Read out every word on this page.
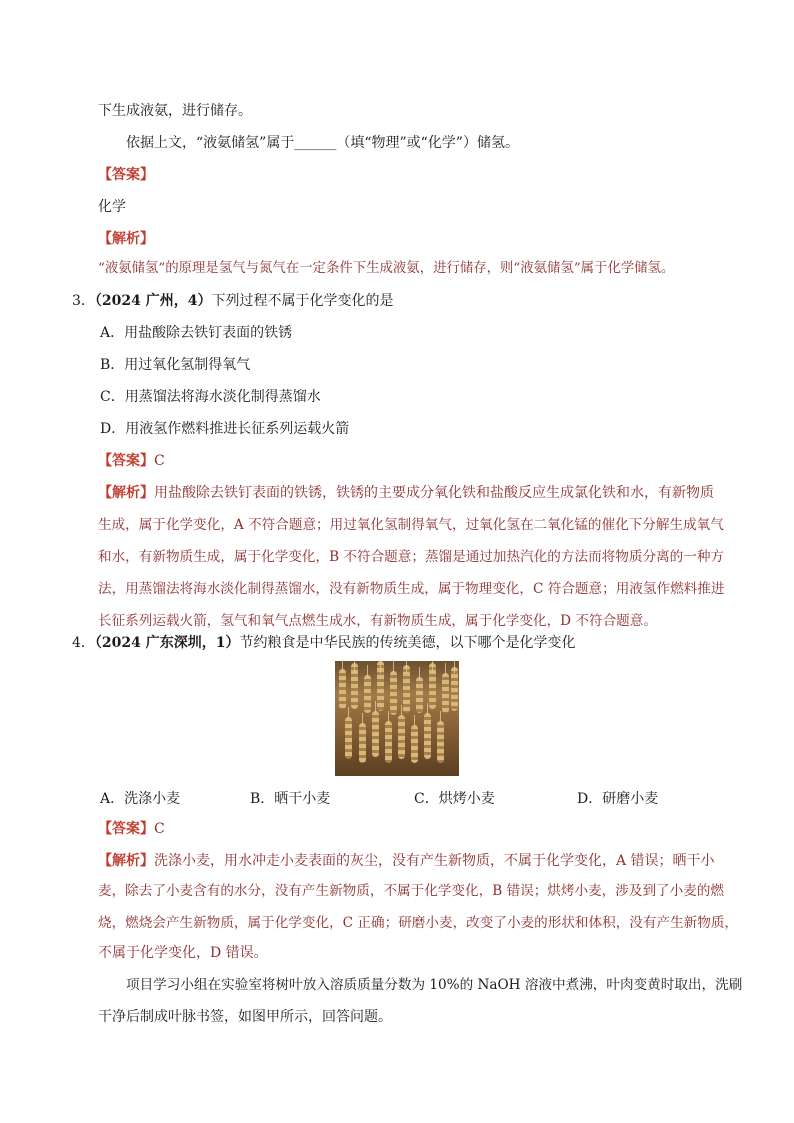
下生成液氨，进行储存。
依据上文，“液氨储氢”属于______（填“物理”或“化学”）储氢。
【答案】
化学
【解析】
“液氨储氢”的原理是氢气与氮气在一定条件下生成液氨，进行储存，则“液氨储氢”属于化学储氢。
3．（2024 广州，4）下列过程不属于化学变化的是
A．用盐酸除去铁钉表面的铁锈
B．用过氧化氢制得氧气
C．用蒸馏法将海水淡化制得蒸馏水
D．用液氢作燃料推进长征系列运载火箭
【答案】C
【解析】用盐酸除去铁钉表面的铁锈，铁锈的主要成分氧化铁和盐酸反应生成氯化铁和水，有新物质
生成，属于化学变化，A 不符合题意；用过氧化氢制得氧气，过氧化氢在二氧化锰的催化下分解生成氧气
和水，有新物质生成，属于化学变化，B 不符合题意；蒸馏是通过加热汽化的方法而将物质分离的一种方
法，用蒸馏法将海水淡化制得蒸馏水，没有新物质生成，属于物理变化，C 符合题意；用液氢作燃料推进
长征系列运载火箭，氢气和氧气点燃生成水，有新物质生成，属于化学变化，D 不符合题意。
4．（2024 广东深圳，1）节约粮食是中华民族的传统美德，以下哪个是化学变化
A．洗涤小麦	B．晒干小麦	C．烘烤小麦	D．研磨小麦
【答案】C
【解析】洗涤小麦，用水冲走小麦表面的灰尘，没有产生新物质，不属于化学变化，A 错误；晒干小
麦，除去了小麦含有的水分，没有产生新物质，不属于化学变化，B 错误；烘烤小麦，涉及到了小麦的燃
烧，燃烧会产生新物质，属于化学变化，C 正确；研磨小麦，改变了小麦的形状和体积，没有产生新物质，
不属于化学变化，D 错误。
项目学习小组在实验室将树叶放入溶质质量分数为 10%的 NaOH 溶液中煮沸，叶肉变黄时取出，洗刷
干净后制成叶脉书签，如图甲所示，回答问题。
